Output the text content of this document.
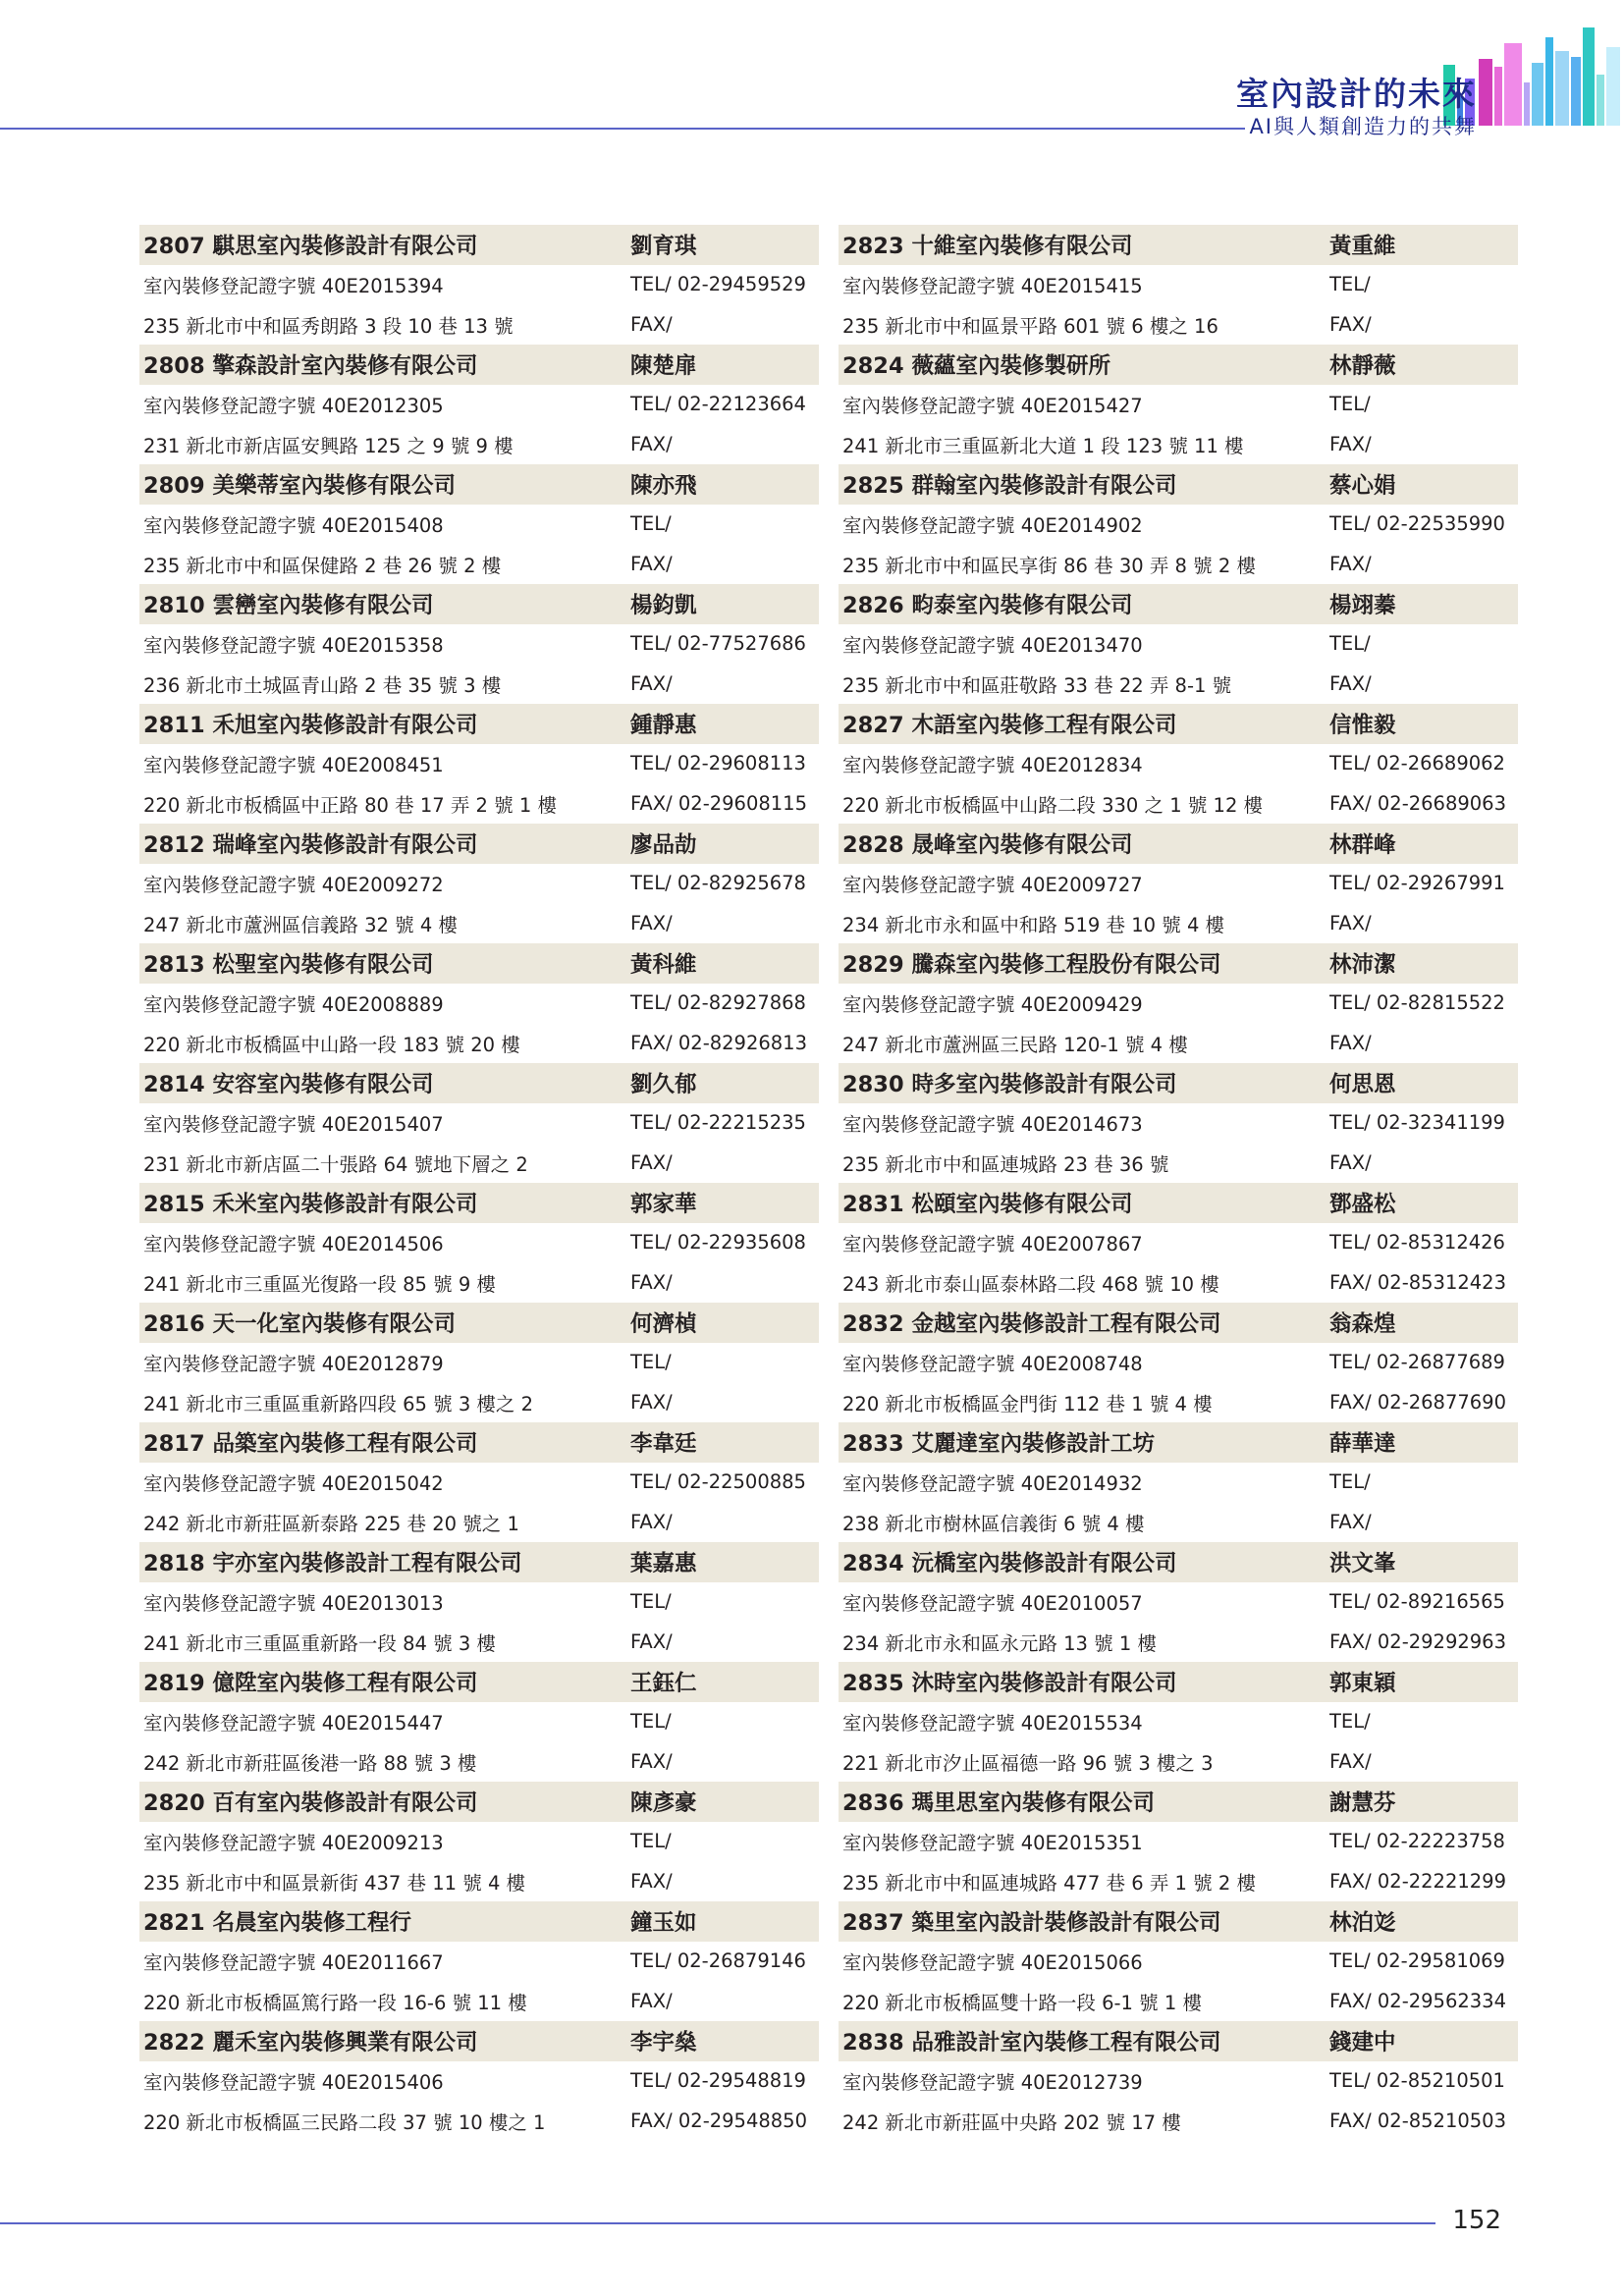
室內設計的未來
AI與人類創造力的共舞
2807 騏思室內裝修設計有限公司	劉育琪
室內裝修登記證字號 40E2015394	TEL/ 02-29459529
235 新北市中和區秀朗路 3 段 10 巷 13 號	FAX/
2808 擎森設計室內裝修有限公司	陳楚扉
室內裝修登記證字號 40E2012305	TEL/ 02-22123664
231 新北市新店區安興路 125 之 9 號 9 樓	FAX/
2809 美樂蒂室內裝修有限公司	陳亦飛
室內裝修登記證字號 40E2015408	TEL/
235 新北市中和區保健路 2 巷 26 號 2 樓	FAX/
2810 雲巒室內裝修有限公司	楊鈞凱
室內裝修登記證字號 40E2015358	TEL/ 02-77527686
236 新北市土城區青山路 2 巷 35 號 3 樓	FAX/
2811 禾旭室內裝修設計有限公司	鍾靜惠
室內裝修登記證字號 40E2008451	TEL/ 02-29608113
220 新北市板橋區中正路 80 巷 17 弄 2 號 1 樓	FAX/ 02-29608115
2812 瑞峰室內裝修設計有限公司	廖品劼
室內裝修登記證字號 40E2009272	TEL/ 02-82925678
247 新北市蘆洲區信義路 32 號 4 樓	FAX/
2813 松聖室內裝修有限公司	黃科維
室內裝修登記證字號 40E2008889	TEL/ 02-82927868
220 新北市板橋區中山路一段 183 號 20 樓	FAX/ 02-82926813
2814 安容室內裝修有限公司	劉久郁
室內裝修登記證字號 40E2015407	TEL/ 02-22215235
231 新北市新店區二十張路 64 號地下層之 2	FAX/
2815 禾米室內裝修設計有限公司	郭家華
室內裝修登記證字號 40E2014506	TEL/ 02-22935608
241 新北市三重區光復路一段 85 號 9 樓	FAX/
2816 天一化室內裝修有限公司	何濟楨
室內裝修登記證字號 40E2012879	TEL/
241 新北市三重區重新路四段 65 號 3 樓之 2	FAX/
2817 品築室內裝修工程有限公司	李韋廷
室內裝修登記證字號 40E2015042	TEL/ 02-22500885
242 新北市新莊區新泰路 225 巷 20 號之 1	FAX/
2818 宇亦室內裝修設計工程有限公司	葉嘉惠
室內裝修登記證字號 40E2013013	TEL/
241 新北市三重區重新路一段 84 號 3 樓	FAX/
2819 億陞室內裝修工程有限公司	王鈺仁
室內裝修登記證字號 40E2015447	TEL/
242 新北市新莊區後港一路 88 號 3 樓	FAX/
2820 百有室內裝修設計有限公司	陳彥豪
室內裝修登記證字號 40E2009213	TEL/
235 新北市中和區景新街 437 巷 11 號 4 樓	FAX/
2821 名晨室內裝修工程行	鐘玉如
室內裝修登記證字號 40E2011667	TEL/ 02-26879146
220 新北市板橋區篤行路一段 16-6 號 11 樓	FAX/
2822 麗禾室內裝修興業有限公司	李宇燊
室內裝修登記證字號 40E2015406	TEL/ 02-29548819
220 新北市板橋區三民路二段 37 號 10 樓之 1	FAX/ 02-29548850
2823 十維室內裝修有限公司	黃重維
室內裝修登記證字號 40E2015415	TEL/
235 新北市中和區景平路 601 號 6 樓之 16	FAX/
2824 薇蘊室內裝修製研所	林靜薇
室內裝修登記證字號 40E2015427	TEL/
241 新北市三重區新北大道 1 段 123 號 11 樓	FAX/
2825 群翰室內裝修設計有限公司	蔡心娟
室內裝修登記證字號 40E2014902	TEL/ 02-22535990
235 新北市中和區民享街 86 巷 30 弄 8 號 2 樓	FAX/
2826 畇泰室內裝修有限公司	楊翊蓁
室內裝修登記證字號 40E2013470	TEL/
235 新北市中和區莊敬路 33 巷 22 弄 8-1 號	FAX/
2827 木語室內裝修工程有限公司	信惟毅
室內裝修登記證字號 40E2012834	TEL/ 02-26689062
220 新北市板橋區中山路二段 330 之 1 號 12 樓	FAX/ 02-26689063
2828 晟峰室內裝修有限公司	林群峰
室內裝修登記證字號 40E2009727	TEL/ 02-29267991
234 新北市永和區中和路 519 巷 10 號 4 樓	FAX/
2829 騰森室內裝修工程股份有限公司	林沛潔
室內裝修登記證字號 40E2009429	TEL/ 02-82815522
247 新北市蘆洲區三民路 120-1 號 4 樓	FAX/
2830 時多室內裝修設計有限公司	何思恩
室內裝修登記證字號 40E2014673	TEL/ 02-32341199
235 新北市中和區連城路 23 巷 36 號	FAX/
2831 松頤室內裝修有限公司	鄧盛松
室內裝修登記證字號 40E2007867	TEL/ 02-85312426
243 新北市泰山區泰林路二段 468 號 10 樓	FAX/ 02-85312423
2832 金越室內裝修設計工程有限公司	翁森煌
室內裝修登記證字號 40E2008748	TEL/ 02-26877689
220 新北市板橋區金門街 112 巷 1 號 4 樓	FAX/ 02-26877690
2833 艾麗達室內裝修設計工坊	薛華達
室內裝修登記證字號 40E2014932	TEL/
238 新北市樹林區信義街 6 號 4 樓	FAX/
2834 沅橋室內裝修設計有限公司	洪文峯
室內裝修登記證字號 40E2010057	TEL/ 02-89216565
234 新北市永和區永元路 13 號 1 樓	FAX/ 02-29292963
2835 沐時室內裝修設計有限公司	郭東穎
室內裝修登記證字號 40E2015534	TEL/
221 新北市汐止區福德一路 96 號 3 樓之 3	FAX/
2836 瑪里思室內裝修有限公司	謝慧芬
室內裝修登記證字號 40E2015351	TEL/ 02-22223758
235 新北市中和區連城路 477 巷 6 弄 1 號 2 樓	FAX/ 02-22221299
2837 築里室內設計裝修設計有限公司	林泊彣
室內裝修登記證字號 40E2015066	TEL/ 02-29581069
220 新北市板橋區雙十路一段 6-1 號 1 樓	FAX/ 02-29562334
2838 品雅設計室內裝修工程有限公司	錢建中
室內裝修登記證字號 40E2012739	TEL/ 02-85210501
242 新北市新莊區中央路 202 號 17 樓	FAX/ 02-85210503
152
